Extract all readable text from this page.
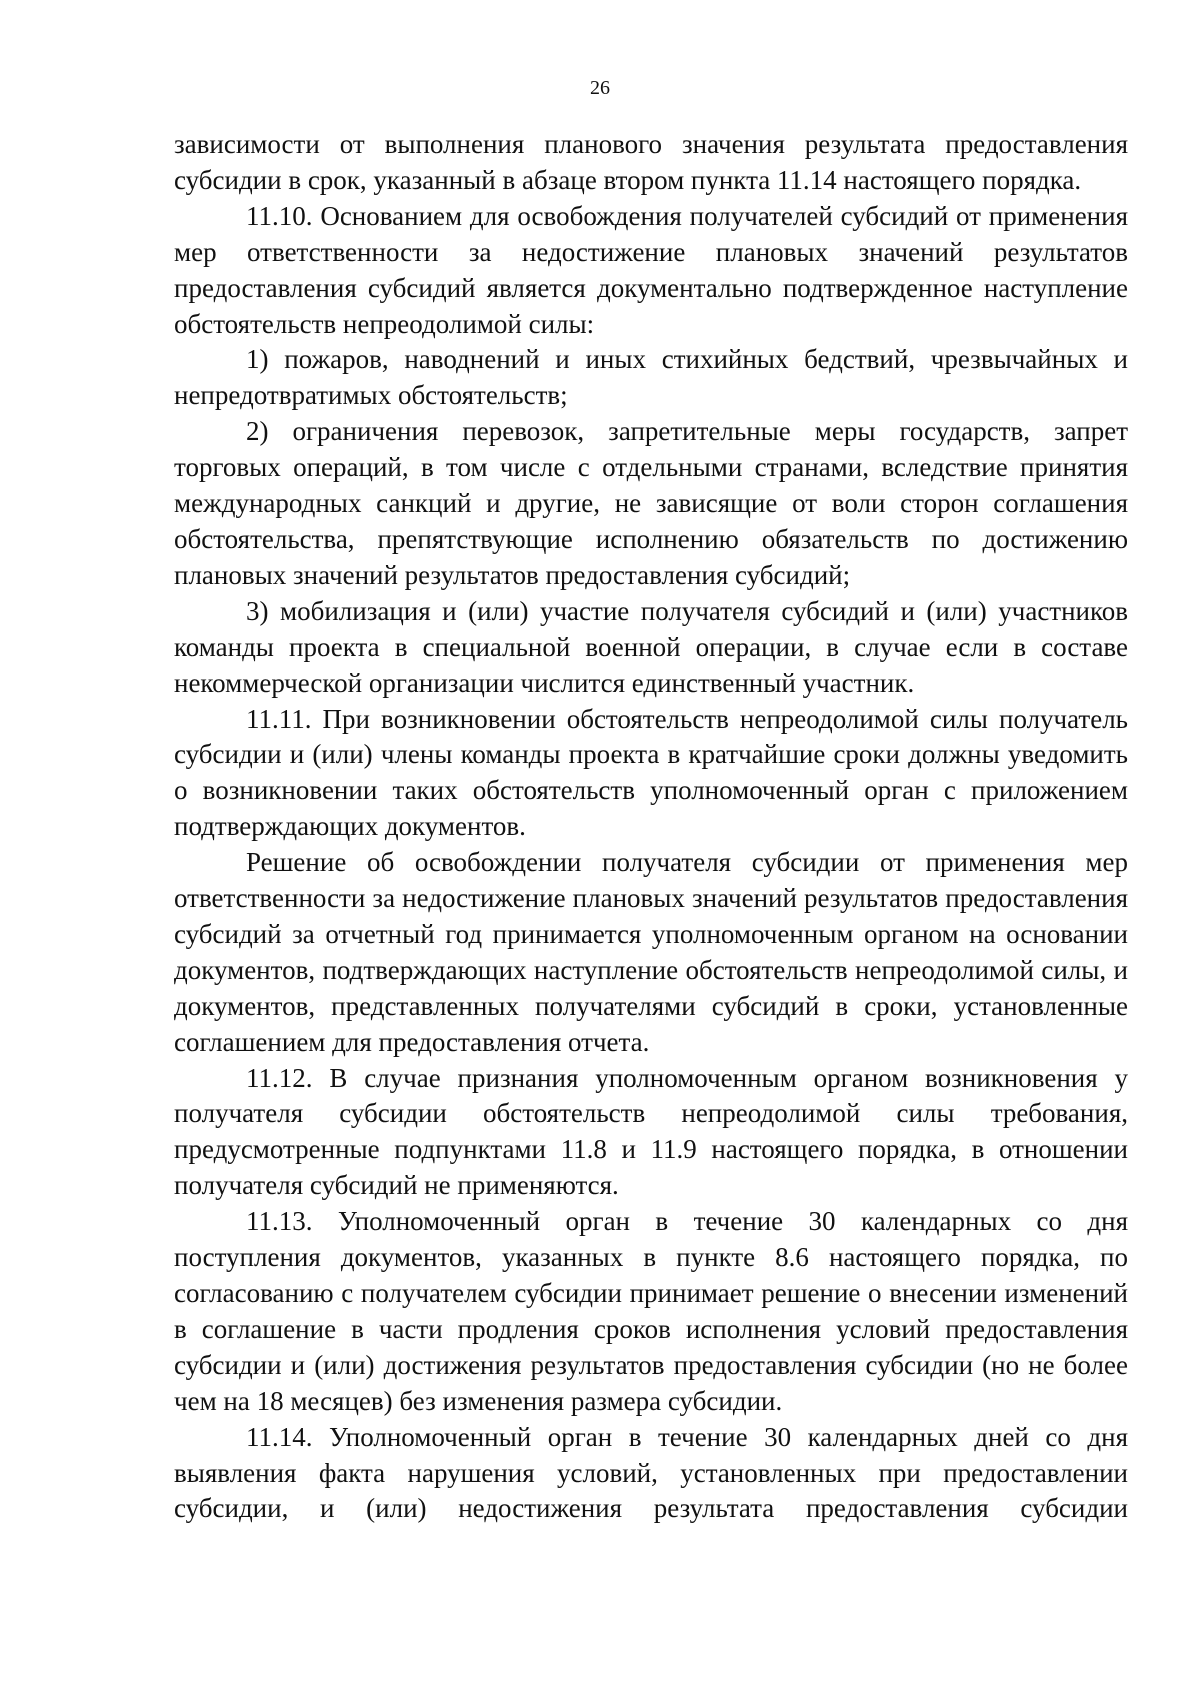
26

зависимости от выполнения планового значения результата предоставления субсидии в срок, указанный в абзаце втором пункта 11.14 настоящего порядка.

11.10. Основанием для освобождения получателей субсидий от применения мер ответственности за недостижение плановых значений результатов предоставления субсидий является документально подтвержденное наступление обстоятельств непреодолимой силы:

1) пожаров, наводнений и иных стихийных бедствий, чрезвычайных и непредотвратимых обстоятельств;

2) ограничения перевозок, запретительные меры государств, запрет торговых операций, в том числе с отдельными странами, вследствие принятия международных санкций и другие, не зависящие от воли сторон соглашения обстоятельства, препятствующие исполнению обязательств по достижению плановых значений результатов предоставления субсидий;

3) мобилизация и (или) участие получателя субсидий и (или) участников команды проекта в специальной военной операции, в случае если в составе некоммерческой организации числится единственный участник.

11.11. При возникновении обстоятельств непреодолимой силы получатель субсидии и (или) члены команды проекта в кратчайшие сроки должны уведомить о возникновении таких обстоятельств уполномоченный орган с приложением подтверждающих документов.

Решение об освобождении получателя субсидии от применения мер ответственности за недостижение плановых значений результатов предоставления субсидий за отчетный год принимается уполномоченным органом на основании документов, подтверждающих наступление обстоятельств непреодолимой силы, и документов, представленных получателями субсидий в сроки, установленные соглашением для предоставления отчета.

11.12. В случае признания уполномоченным органом возникновения у получателя субсидии обстоятельств непреодолимой силы требования, предусмотренные подпунктами 11.8 и 11.9 настоящего порядка, в отношении получателя субсидий не применяются.

11.13. Уполномоченный орган в течение 30 календарных со дня поступления документов, указанных в пункте 8.6 настоящего порядка, по согласованию с получателем субсидии принимает решение о внесении изменений в соглашение в части продления сроков исполнения условий предоставления субсидии и (или) достижения результатов предоставления субсидии (но не более чем на 18 месяцев) без изменения размера субсидии.

11.14. Уполномоченный орган в течение 30 календарных дней со дня выявления факта нарушения условий, установленных при предоставлении субсидии, и (или) недостижения результата предоставления субсидии
